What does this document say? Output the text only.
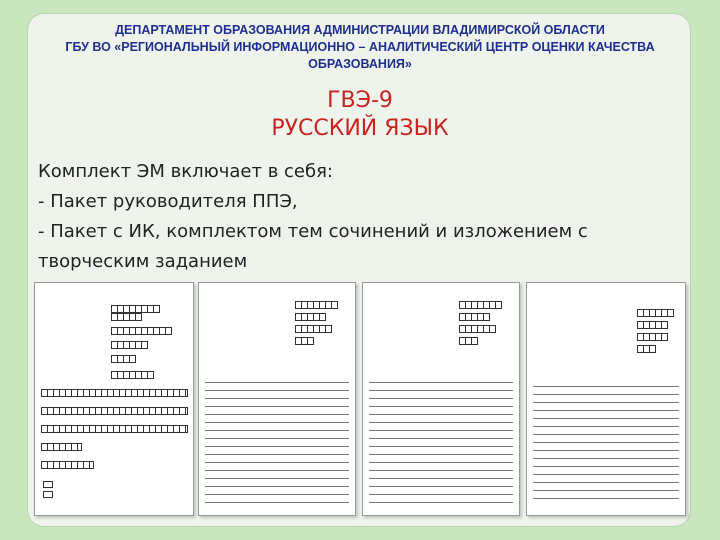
ДЕПАРТАМЕНТ ОБРАЗОВАНИЯ АДМИНИСТРАЦИИ ВЛАДИМИРСКОЙ ОБЛАСТИ
ГБУ ВО «РЕГИОНАЛЬНЫЙ ИНФОРМАЦИОННО – АНАЛИТИЧЕСКИЙ ЦЕНТР ОЦЕНКИ КАЧЕСТВА
ОБРАЗОВАНИЯ»
ГВЭ-9
РУССКИЙ ЯЗЫК
Комплект ЭМ включает в себя:
- Пакет руководителя ППЭ,
- Пакет с ИК, комплектом тем сочинений и изложением с
творческим заданием
